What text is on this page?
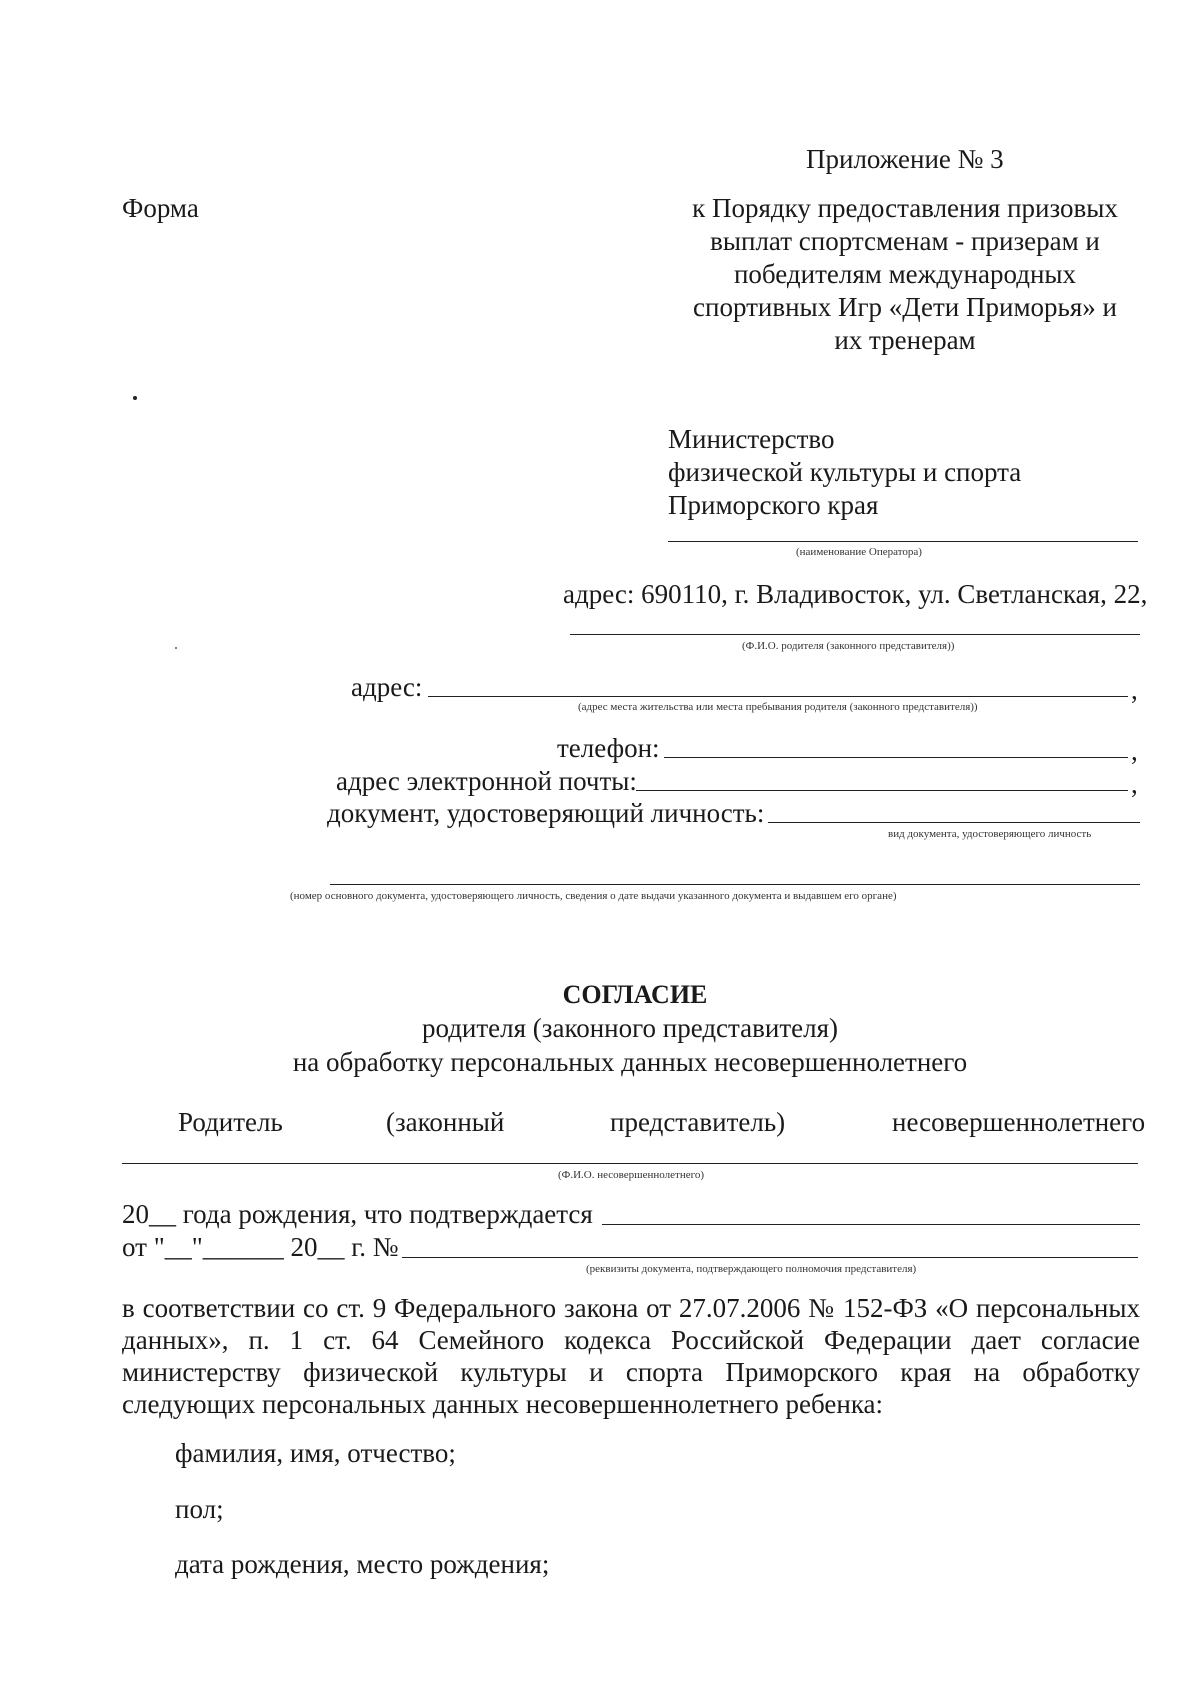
Приложение № 3
Форма	к Порядку предоставления призовых
выплат спортсменам - призерам и
победителям международных
спортивных Игр «Дети Приморья» и
их тренерам
Министерство
физической культуры и спорта
Приморского края
(наименование Оператора)
адрес: 690110, г. Владивосток, ул. Светланская, 22,
(Ф.И.О. родителя (законного представителя))
адрес:	,
(адрес места жительства или места пребывания родителя (законного представителя))
телефон:	,
адрес электронной почты:	,
документ, удостоверяющий личность:
вид документа, удостоверяющего личность
(номер основного документа, удостоверяющего личность, сведения о дате выдачи указанного документа и выдавшем его органе)
СОГЛАСИЕ
родителя (законного представителя)
на обработку персональных данных несовершеннолетнего
Родитель	(законный	представитель)	несовершеннолетнего
(Ф.И.О. несовершеннолетнего)
20__ года рождения, что подтверждается
от "__"______ 20__ г. №
(реквизиты документа, подтверждающего полномочия представителя)
в соответствии со ст. 9 Федерального закона от 27.07.2006 № 152-ФЗ «О персональных
данных», п. 1 ст. 64 Семейного кодекса Российской Федерации дает согласие
министерству физической культуры и спорта Приморского края на обработку
следующих персональных данных несовершеннолетнего ребенка:
фамилия, имя, отчество;
пол;
дата рождения, место рождения;
